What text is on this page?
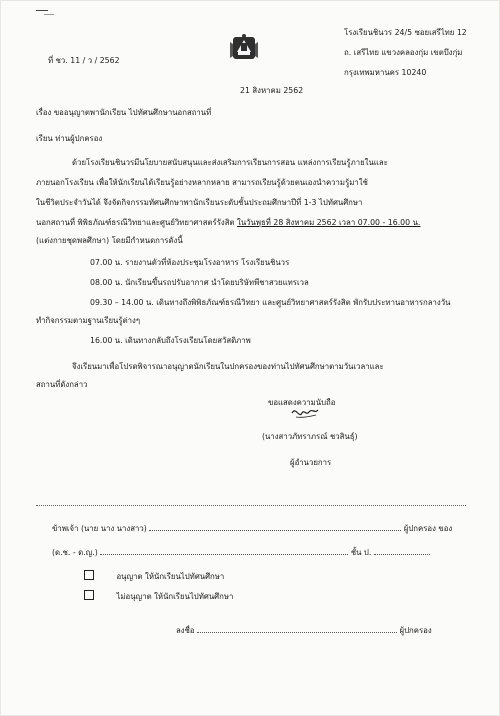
ที่ ชว. 11 / ว / 2562
โรงเรียนชินวร 24/5 ซอยเสรีไทย 12
ถ. เสรีไทย แขวงคลองกุ่ม เขตบึงกุ่ม
กรุงเทพมหานคร 10240
21 สิงหาคม 2562
เรื่อง ขออนุญาตพานักเรียน ไปทัศนศึกษานอกสถานที่
เรียน ท่านผู้ปกครอง
ด้วยโรงเรียนชินวรมีนโยบายสนับสนุนและส่งเสริมการเรียนการสอน แหล่งการเรียนรู้ภายในและ
ภายนอกโรงเรียน เพื่อให้นักเรียนได้เรียนรู้อย่างหลากหลาย สามารถเรียนรู้ด้วยตนเองนำความรู้มาใช้
ในชีวิตประจำวันได้ จึงจัดกิจกรรมทัศนศึกษาพานักเรียนระดับชั้นประถมศึกษาปีที่ 1-3 ไปทัศนศึกษา
นอกสถานที่ พิพิธภัณฑ์ธรณีวิทยาและศูนย์วิทยาศาสตร์รังสิต ในวันพุธที่ 28 สิงหาคม 2562 เวลา 07.00 - 16.00 น.
(แต่งกายชุดพลศึกษา) โดยมีกำหนดการดังนี้
07.00 น. รายงานตัวที่ห้องประชุมโรงอาหาร โรงเรียนชินวร
08.00 น. นักเรียนขึ้นรถปรับอากาศ นำโดยบริษัทพีชาสวยแทรเวล
09.30 – 14.00 น. เดินทางถึงพิพิธภัณฑ์ธรณีวิทยา และศูนย์วิทยาศาสตร์รังสิต พักรับประทานอาหารกลางวัน
ทำกิจกรรมตามฐานเรียนรู้ต่างๆ
16.00 น. เดินทางกลับถึงโรงเรียนโดยสวัสดิภาพ
จึงเรียนมาเพื่อโปรดพิจารณาอนุญาตนักเรียนในปกครองของท่านไปทัศนศึกษาตามวันเวลาและ
สถานที่ดังกล่าว
ขอแสดงความนับถือ
(นางสาวภัทราภรณ์ ชวสินธุ์)
ผู้อำนวยการ
ข้าพเจ้า (นาย นาง นางสาว)	ผู้ปกครอง ของ
(ด.ช. - ด.ญ.)	ชั้น ป.
อนุญาต ให้นักเรียนไปทัศนศึกษา
ไม่อนุญาต ให้นักเรียนไปทัศนศึกษา
ลงชื่อ	ผู้ปกครอง
